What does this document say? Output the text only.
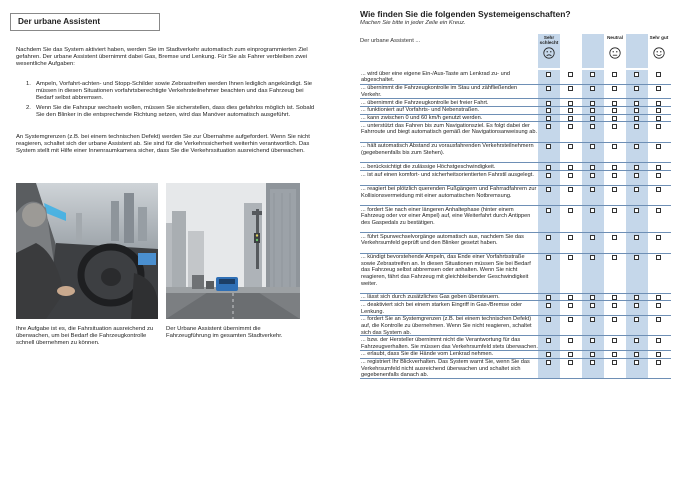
Der urbane Assistent

Nachdem Sie das System aktiviert haben, werden Sie im Stadtverkehr automatisch zum einprogrammierten Ziel gefahren. Der urbane Assistent übernimmt dabei Gas, Bremse und Lenkung. Für Sie als Fahrer verbleiben zwei wesentliche Aufgaben:

1. Ampeln, Vorfahrt-achten- und Stopp-Schilder sowie Zebrastreifen werden Ihnen lediglich angekündigt. Sie müssen in diesen Situationen vorfahrtsberechtigte Verkehrsteilnehmer beachten und das Fahrzeug bei Bedarf selbst abbremsen.
2. Wenn Sie die Fahrspur wechseln wollen, müssen Sie sicherstellen, dass dies gefahrlos möglich ist. Sobald Sie den Blinker in die entsprechende Richtung setzen, wird das Manöver automatisch ausgeführt.

An Systemgrenzen (z.B. bei einem technischen Defekt) werden Sie zur Übernahme aufgefordert. Wenn Sie nicht reagieren, schaltet sich der urbane Assistent ab. Sie sind für die Verkehrssicherheit weiterhin verantwortlich. Das System stellt mit Hilfe einer Innenraumkamera sicher, dass Sie die Verkehrssituation ausreichend überwachen.

Ihre Aufgabe ist es, die Fahrsituation ausreichend zu überwachen, um bei Bedarf die Fahrzeugkontrolle schnell übernehmen zu können.

Der Urbane Assistent übernimmt die Fahrzeugführung im gesamten Stadtverkehr.

Wie finden Sie die folgenden Systemeigenschaften?
Machen Sie bitte in jeder Zeile ein Kreuz.
Der urbane Assistent ...
Sehr schlecht
Neutral	Sehr gut
... wird über eine eigene Ein-/Aus-Taste am Lenkrad zu- und abgeschaltet.
... übernimmt die Fahrzeugkontrolle im Stau und zähfließenden Verkehr.
... übernimmt die Fahrzeugkontrolle bei freier Fahrt.
... funktioniert auf Vorfahrts- und Nebenstraßen.
... kann zwischen 0 und 60 km/h genutzt werden.
... unterstützt das Fahren bis zum Navigationsziel. Es folgt dabei der Fahrroute und biegt automatisch gemäß der Navigationsanweisung ab.
... hält automatisch Abstand zu vorausfahrenden Verkehrsteilnehmern (gegebenenfalls bis zum Stehen).
... berücksichtigt die zulässige Höchstgeschwindigkeit.
... ist auf einen komfort- und sicherheitsorientierten Fahrstil ausgelegt.
... reagiert bei plötzlich querenden Fußgängern und Fahrradfahrern zur Kollisionsvermeidung mit einer automatischen Notbremsung.
... fordert Sie nach einer längeren Anhaltephase (hinter einem Fahrzeug oder vor einer Ampel) auf, eine Weiterfahrt durch Antippen des Gaspedals zu bestätigen.
... führt Spurwechselvorgänge automatisch aus, nachdem Sie das Verkehrsumfeld geprüft und den Blinker gesetzt haben.
... kündigt bevorstehende Ampeln, das Ende einer Vorfahrtsstraße sowie Zebrastreifen an. In diesen Situationen müssen Sie bei Bedarf das Fahrzeug selbst abbremsen oder anhalten. Wenn Sie nicht reagieren, fährt das Fahrzeug mit gleichbleibender Geschwindigkeit weiter.
... lässt sich durch zusätzliches Gas geben übersteuern.
... deaktiviert sich bei einem starken Eingriff in Gas-/Bremse oder Lenkung.
... fordert Sie an Systemgrenzen (z.B. bei einem technischen Defekt) auf, die Kontrolle zu übernehmen. Wenn Sie nicht reagieren, schaltet sich das System ab.
... bzw. der Hersteller übernimmt nicht die Verantwortung für das Fahrzeugverhalten. Sie müssen das Verkehrsumfeld stets überwachen.
... erlaubt, dass Sie die Hände vom Lenkrad nehmen.
... registriert Ihr Blickverhalten. Das System warnt Sie, wenn Sie das Verkehrsumfeld nicht ausreichend überwachen und schaltet sich gegebenenfalls danach ab.
